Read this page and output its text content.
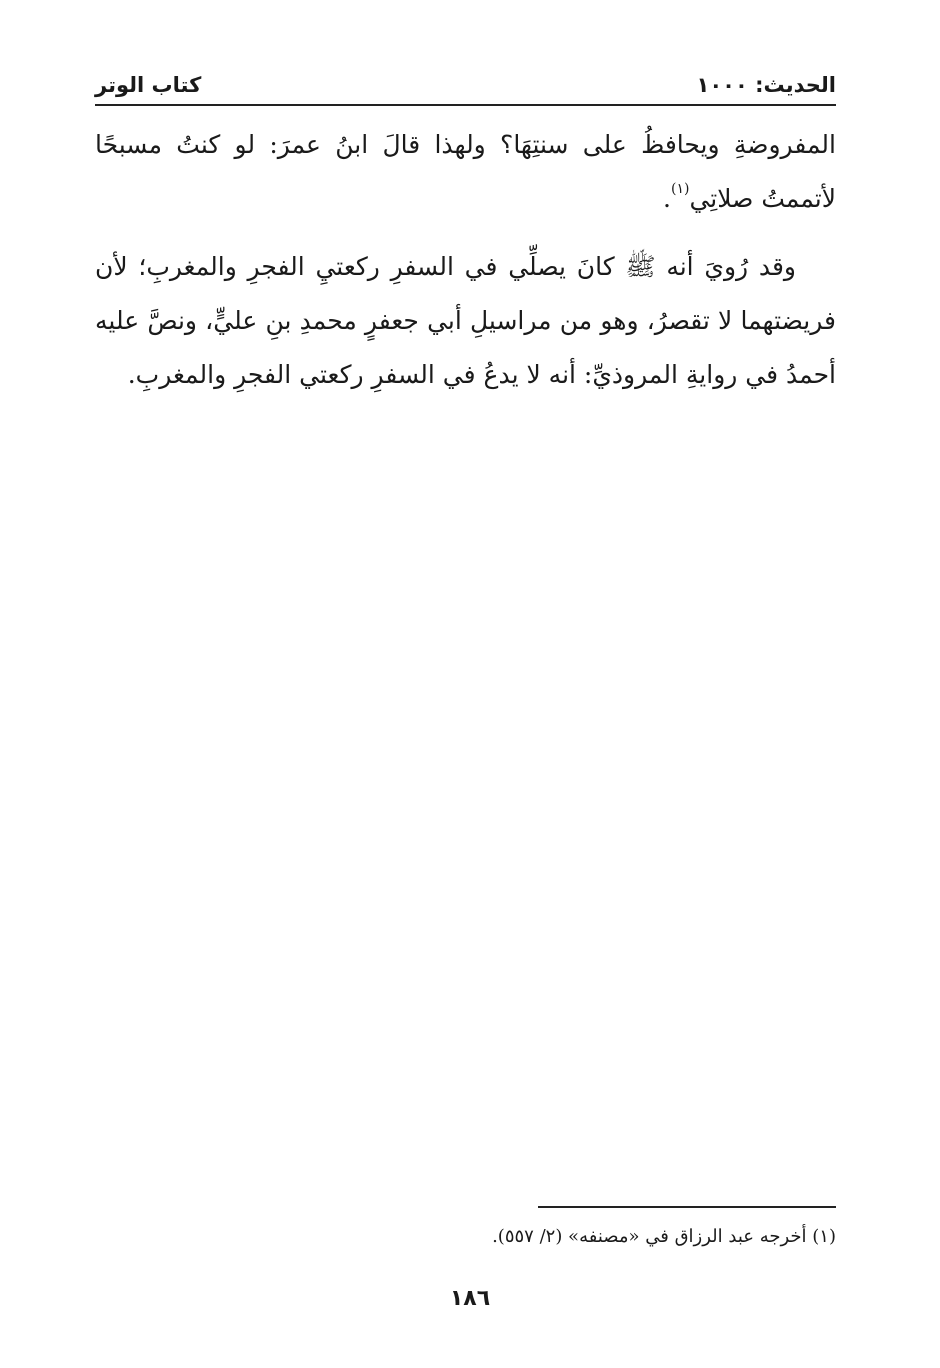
الحديث: ١٠٠٠
كتاب الوتر

المفروضةِ ويحافظُ على سنتِهَا؟ ولهذا قالَ ابنُ عمرَ: لو كنتُ مسبحًا لأتممتُ صلاتِي$^{(١)}$.

وقد رُويَ أنه ﷺ كانَ يصلِّي في السفرِ ركعتيِ الفجرِ والمغربِ؛ لأن فريضتهما لا تقصرُ، وهو من مراسيلِ أبي جعفرٍ محمدِ بنِ عليٍّ، ونصَّ عليه أحمدُ في روايةِ المروذيِّ: أنه لا يدعُ في السفرِ ركعتي الفجرِ والمغربِ.

(١) أخرجه عبد الرزاق في «مصنفه» (٢/ ٥٥٧).
١٨٦
